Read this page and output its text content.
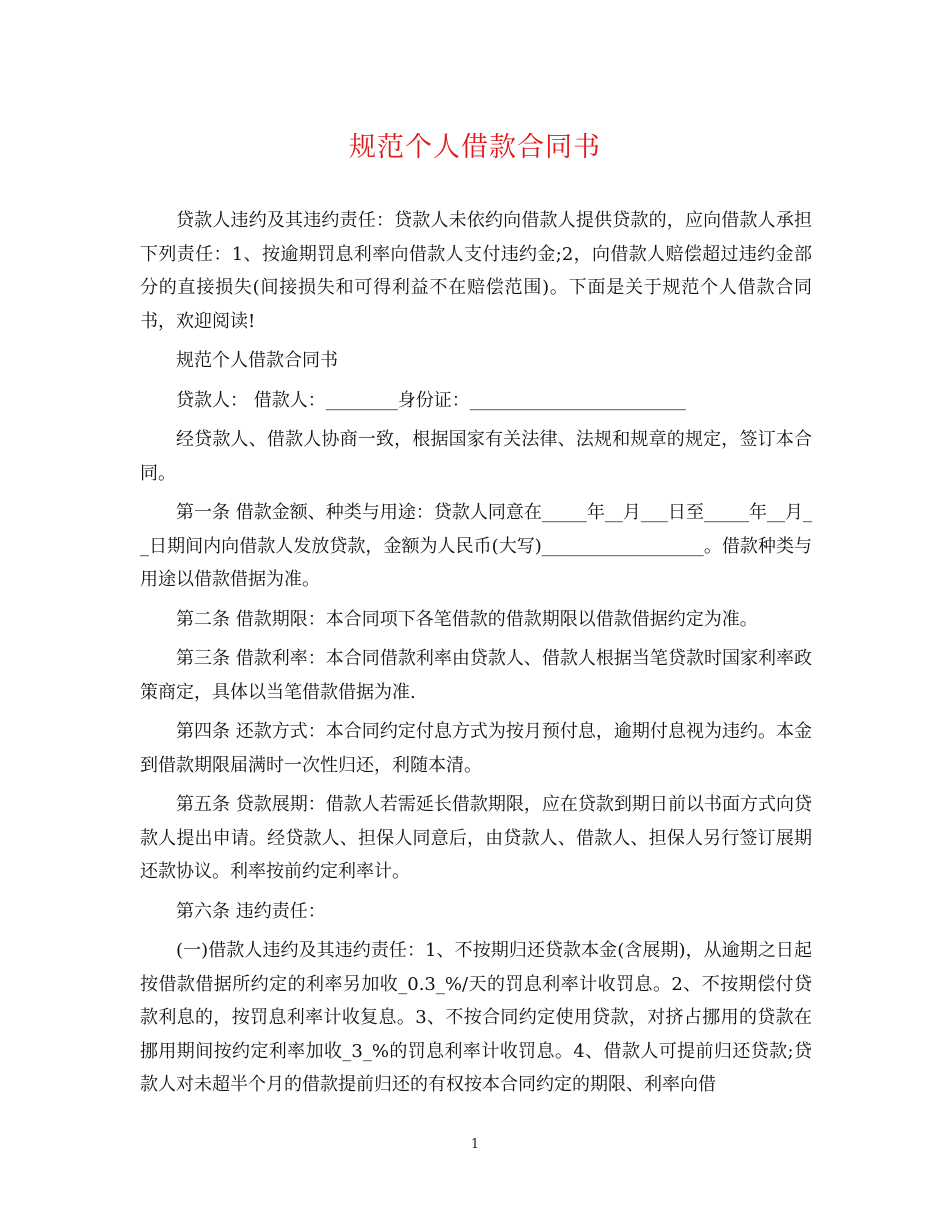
规范个人借款合同书

贷款人违约及其违约责任：贷款人未依约向借款人提供贷款的，应向借款人承担下列责任：1、按逾期罚息利率向借款人支付违约金;2，向借款人赔偿超过违约金部分的直接损失(间接损失和可得利益不在赔偿范围)。下面是关于规范个人借款合同书，欢迎阅读!

规范个人借款合同书

贷款人： 借款人：________身份证：________________________

经贷款人、借款人协商一致，根据国家有关法律、法规和规章的规定，签订本合同。

第一条 借款金额、种类与用途：贷款人同意在_____年__月___日至_____年__月__日期间内向借款人发放贷款，金额为人民币(大写)__________________。借款种类与用途以借款借据为准。

第二条 借款期限：本合同项下各笔借款的借款期限以借款借据约定为准。

第三条 借款利率：本合同借款利率由贷款人、借款人根据当笔贷款时国家利率政策商定，具体以当笔借款借据为准.

第四条 还款方式：本合同约定付息方式为按月预付息，逾期付息视为违约。本金到借款期限届满时一次性归还，利随本清。

第五条 贷款展期：借款人若需延长借款期限，应在贷款到期日前以书面方式向贷款人提出申请。经贷款人、担保人同意后，由贷款人、借款人、担保人另行签订展期还款协议。利率按前约定利率计。

第六条 违约责任：

(一)借款人违约及其违约责任：1、不按期归还贷款本金(含展期)，从逾期之日起按借款借据所约定的利率另加收_0.3_%/天的罚息利率计收罚息。2、不按期偿付贷款利息的，按罚息利率计收复息。3、不按合同约定使用贷款，对挤占挪用的贷款在挪用期间按约定利率加收_3_%的罚息利率计收罚息。4、借款人可提前归还贷款;贷款人对未超半个月的借款提前归还的有权按本合同约定的期限、利率向借

1
